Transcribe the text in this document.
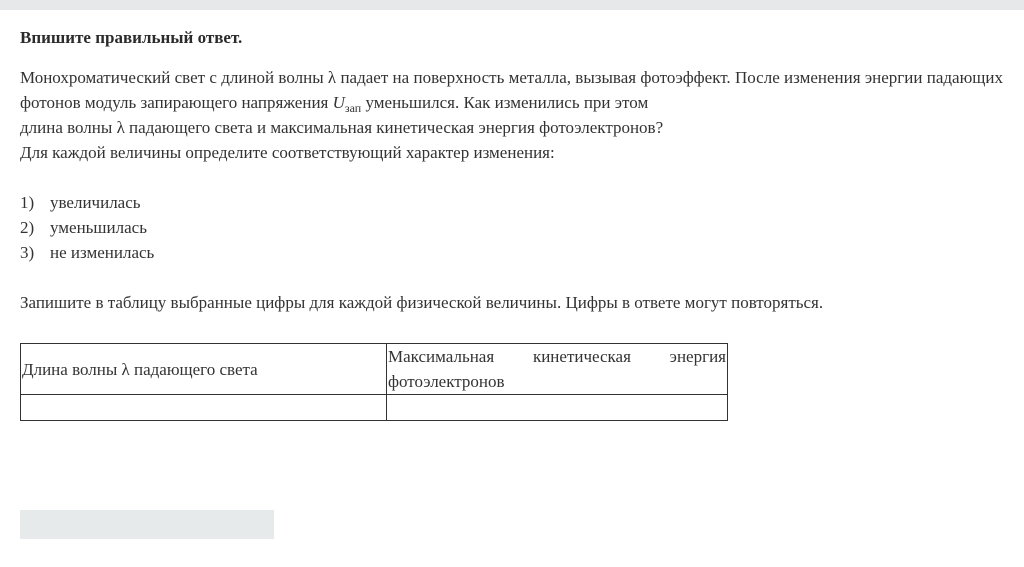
Впишите правильный ответ.

Монохроматический свет с длиной волны λ падает на поверхность металла, вызывая фотоэффект. После изменения энергии падающих фотонов модуль запирающего напряжения $U_{зап}$ уменьшился. Как изменились при этом

длина волны λ падающего света и максимальная кинетическая энергия фотоэлектронов?

Для каждой величины определите соответствующий характер изменения:

1) увеличилась
2) уменьшилась
3) не изменилась

Запишите в таблицу выбранные цифры для каждой физической величины. Цифры в ответе могут повторяться.

Длина волны λ падающего света	Максимальная кинетическая энергия
фотоэлектронов
